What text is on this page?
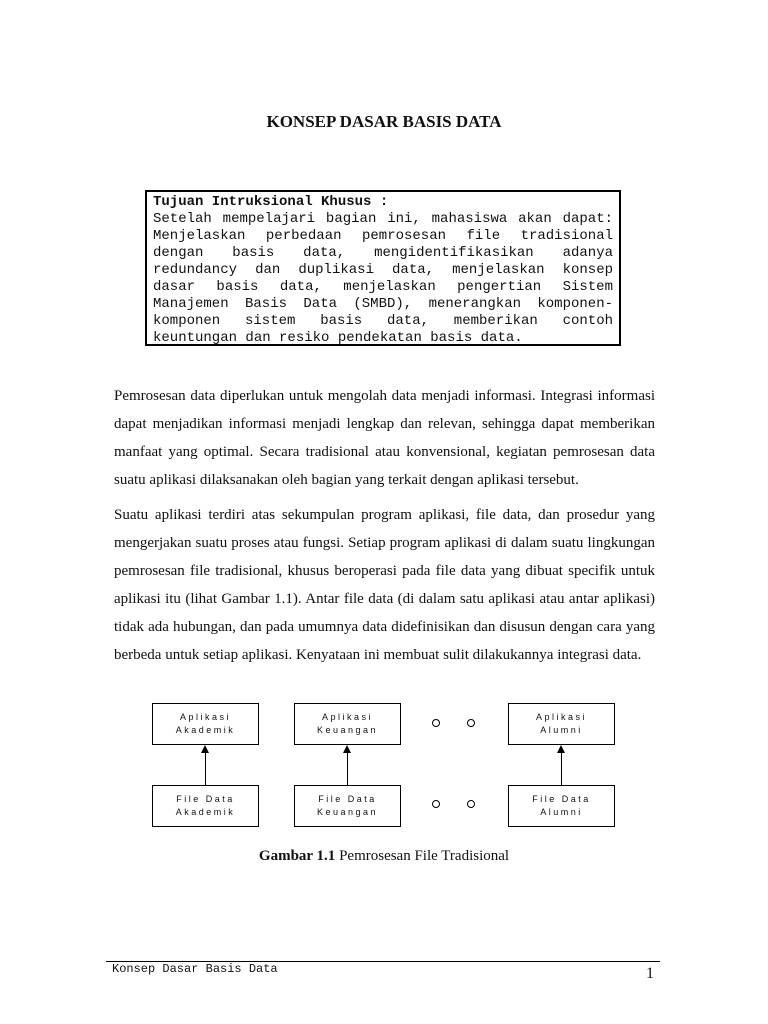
KONSEP DASAR BASIS DATA
Tujuan Intruksional Khusus :
Setelah mempelajari bagian ini, mahasiswa akan dapat: Menjelaskan perbedaan pemrosesan file tradisional dengan basis data, mengidentifikasikan adanya redundancy dan duplikasi data, menjelaskan konsep dasar basis data, menjelaskan pengertian Sistem Manajemen Basis Data (SMBD), menerangkan komponen-komponen sistem basis data, memberikan contoh keuntungan dan resiko pendekatan basis data.

Pemrosesan data diperlukan untuk mengolah data menjadi informasi. Integrasi informasi dapat menjadikan informasi menjadi lengkap dan relevan, sehingga dapat memberikan manfaat yang optimal. Secara tradisional atau konvensional, kegiatan pemrosesan data suatu aplikasi dilaksanakan oleh bagian yang terkait dengan aplikasi tersebut.

Suatu aplikasi terdiri atas sekumpulan program aplikasi, file data, dan prosedur yang mengerjakan suatu proses atau fungsi. Setiap program aplikasi di dalam suatu lingkungan pemrosesan file tradisional, khusus beroperasi pada file data yang dibuat specifik untuk aplikasi itu (lihat Gambar 1.1). Antar file data (di dalam satu aplikasi atau antar aplikasi) tidak ada hubungan, dan pada umumnya data didefinisikan dan disusun dengan cara yang berbeda untuk setiap aplikasi. Kenyataan ini membuat sulit dilakukannya integrasi data.

Aplikasi
Akademik
Aplikasi
Keuangan
Aplikasi
Alumni
File Data
Akademik
File Data
Keuangan
File Data
Alumni
Gambar 1.1 Pemrosesan File Tradisional
Konsep Dasar Basis Data	1
